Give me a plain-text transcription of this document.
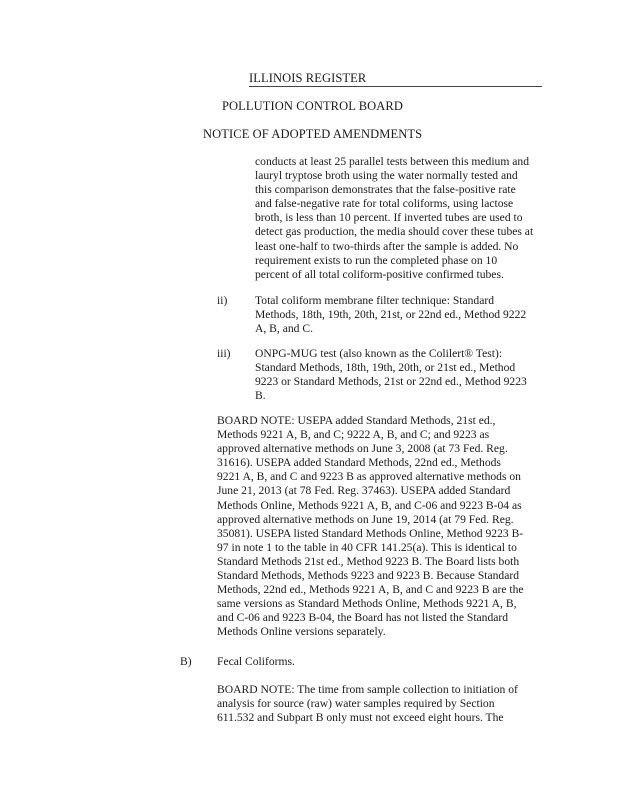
ILLINOIS REGISTER
POLLUTION CONTROL BOARD
NOTICE OF ADOPTED AMENDMENTS
conducts at least 25 parallel tests between this medium and
lauryl tryptose broth using the water normally tested and
this comparison demonstrates that the false-positive rate
and false-negative rate for total coliforms, using lactose
broth, is less than 10 percent. If inverted tubes are used to
detect gas production, the media should cover these tubes at
least one-half to two-thirds after the sample is added. No
requirement exists to run the completed phase on 10
percent of all total coliform-positive confirmed tubes.
ii) Total coliform membrane filter technique: Standard
Methods, 18th, 19th, 20th, 21st, or 22nd ed., Method 9222
A, B, and C.
iii) ONPG-MUG test (also known as the Colilert® Test):
Standard Methods, 18th, 19th, 20th, or 21st ed., Method
9223 or Standard Methods, 21st or 22nd ed., Method 9223
B.
BOARD NOTE: USEPA added Standard Methods, 21st ed.,
Methods 9221 A, B, and C; 9222 A, B, and C; and 9223 as
approved alternative methods on June 3, 2008 (at 73 Fed. Reg.
31616). USEPA added Standard Methods, 22nd ed., Methods
9221 A, B, and C and 9223 B as approved alternative methods on
June 21, 2013 (at 78 Fed. Reg. 37463). USEPA added Standard
Methods Online, Methods 9221 A, B, and C-06 and 9223 B-04 as
approved alternative methods on June 19, 2014 (at 79 Fed. Reg.
35081). USEPA listed Standard Methods Online, Method 9223 B-
97 in note 1 to the table in 40 CFR 141.25(a). This is identical to
Standard Methods 21st ed., Method 9223 B. The Board lists both
Standard Methods, Methods 9223 and 9223 B. Because Standard
Methods, 22nd ed., Methods 9221 A, B, and C and 9223 B are the
same versions as Standard Methods Online, Methods 9221 A, B,
and C-06 and 9223 B-04, the Board has not listed the Standard
Methods Online versions separately.
B) Fecal Coliforms.
BOARD NOTE: The time from sample collection to initiation of
analysis for source (raw) water samples required by Section
611.532 and Subpart B only must not exceed eight hours. The
